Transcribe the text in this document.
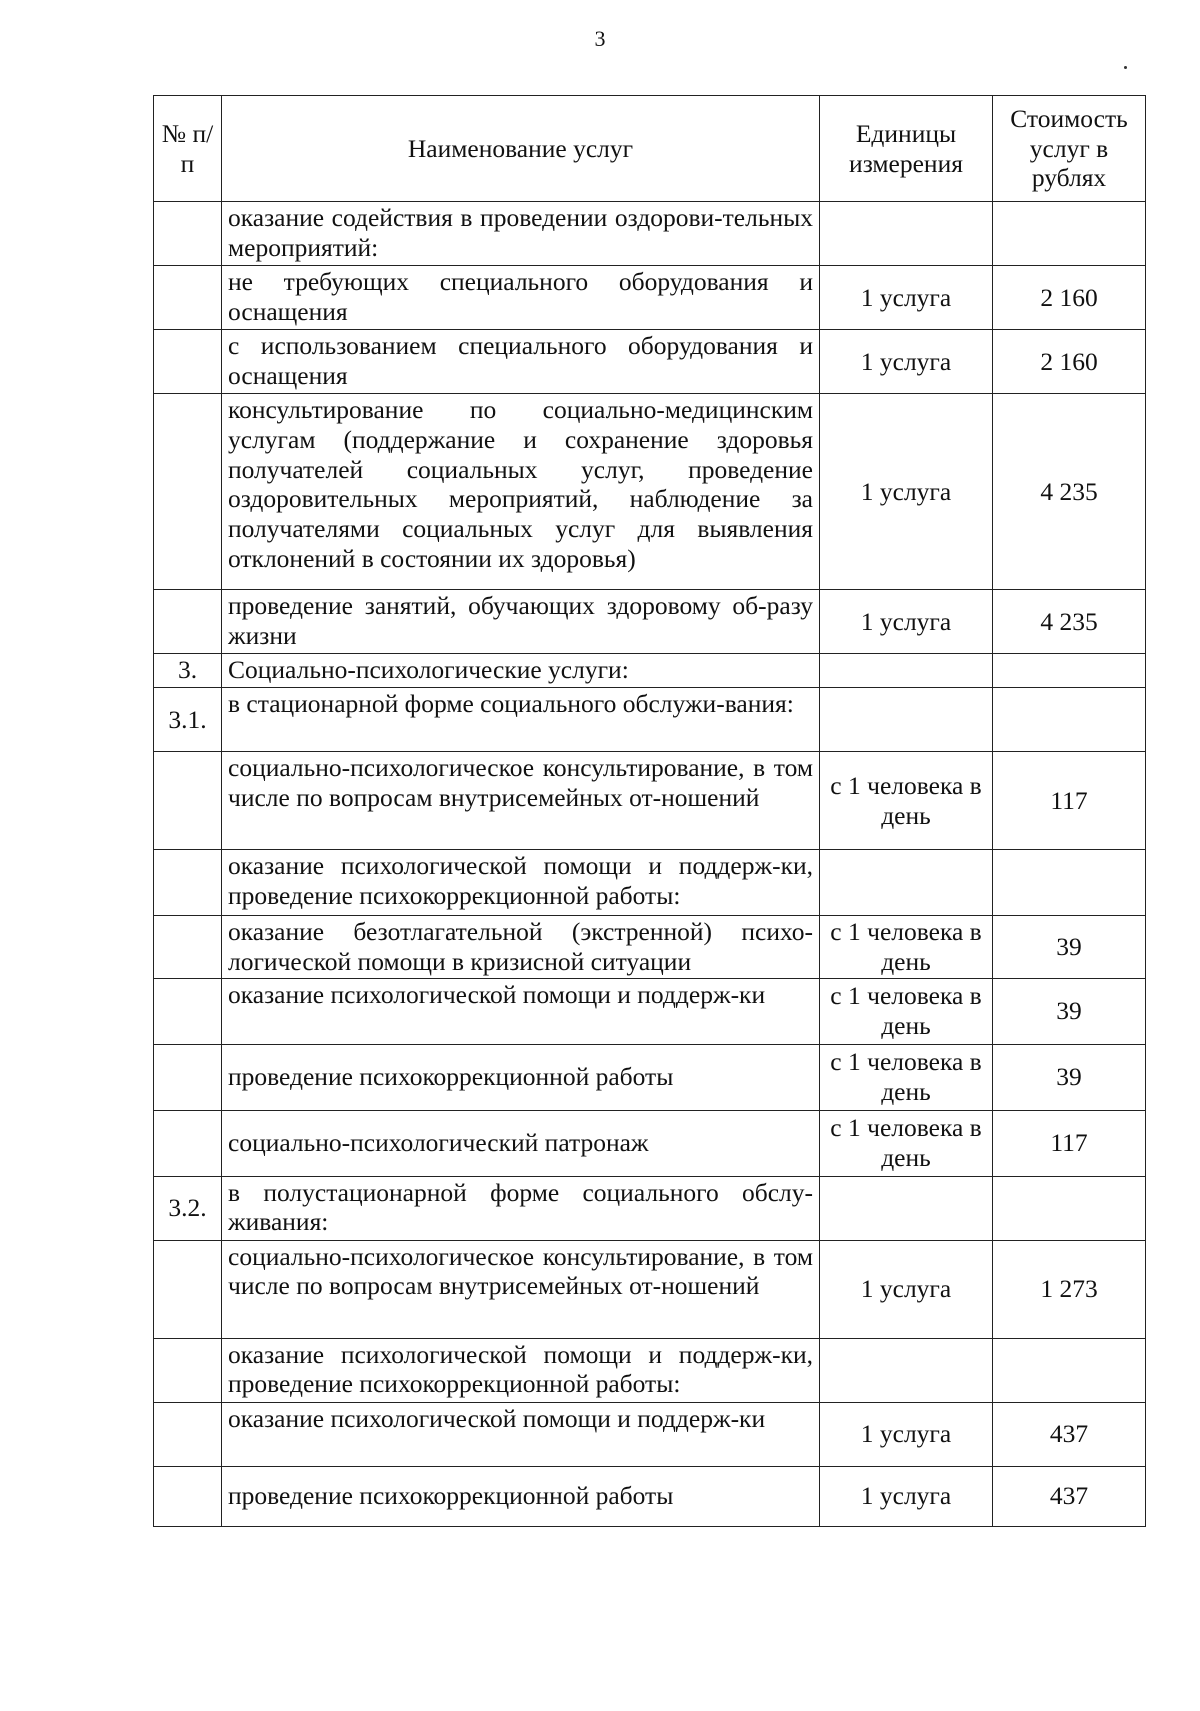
3
№ п/п	Наименование услуг	Единицы измерения	Стоимость услуг в рублях
	оказание содействия в проведении оздорови-тельных мероприятий:		
	не требующих специального оборудования и оснащения	1 услуга	2 160
	с использованием специального оборудования и оснащения	1 услуга	2 160
	консультирование по социально-медицинским услугам (поддержание и сохранение здоровья получателей социальных услуг, проведение оздоровительных мероприятий, наблюдение за получателями социальных услуг для выявления отклонений в состоянии их здоровья)	1 услуга	4 235
	проведение занятий, обучающих здоровому об-разу жизни	1 услуга	4 235
3.	Социально-психологические услуги:		
3.1.	в стационарной форме социального обслужи-вания:		
	социально-психологическое консультирование, в том числе по вопросам внутрисемейных от-ношений	с 1 человека в день	117
	оказание психологической помощи и поддерж-ки, проведение психокоррекционной работы:		
	оказание безотлагательной (экстренной) психо-логической помощи в кризисной ситуации	с 1 человека в день	39
	оказание психологической помощи и поддерж-ки	с 1 человека в день	39
	проведение психокоррекционной работы	с 1 человека в день	39
	социально-психологический патронаж	с 1 человека в день	117
3.2.	в полустационарной форме социального обслу-живания:		
	социально-психологическое консультирование, в том числе по вопросам внутрисемейных от-ношений	1 услуга	1 273
	оказание психологической помощи и поддерж-ки, проведение психокоррекционной работы:		
	оказание психологической помощи и поддерж-ки	1 услуга	437
	проведение психокоррекционной работы	1 услуга	437
